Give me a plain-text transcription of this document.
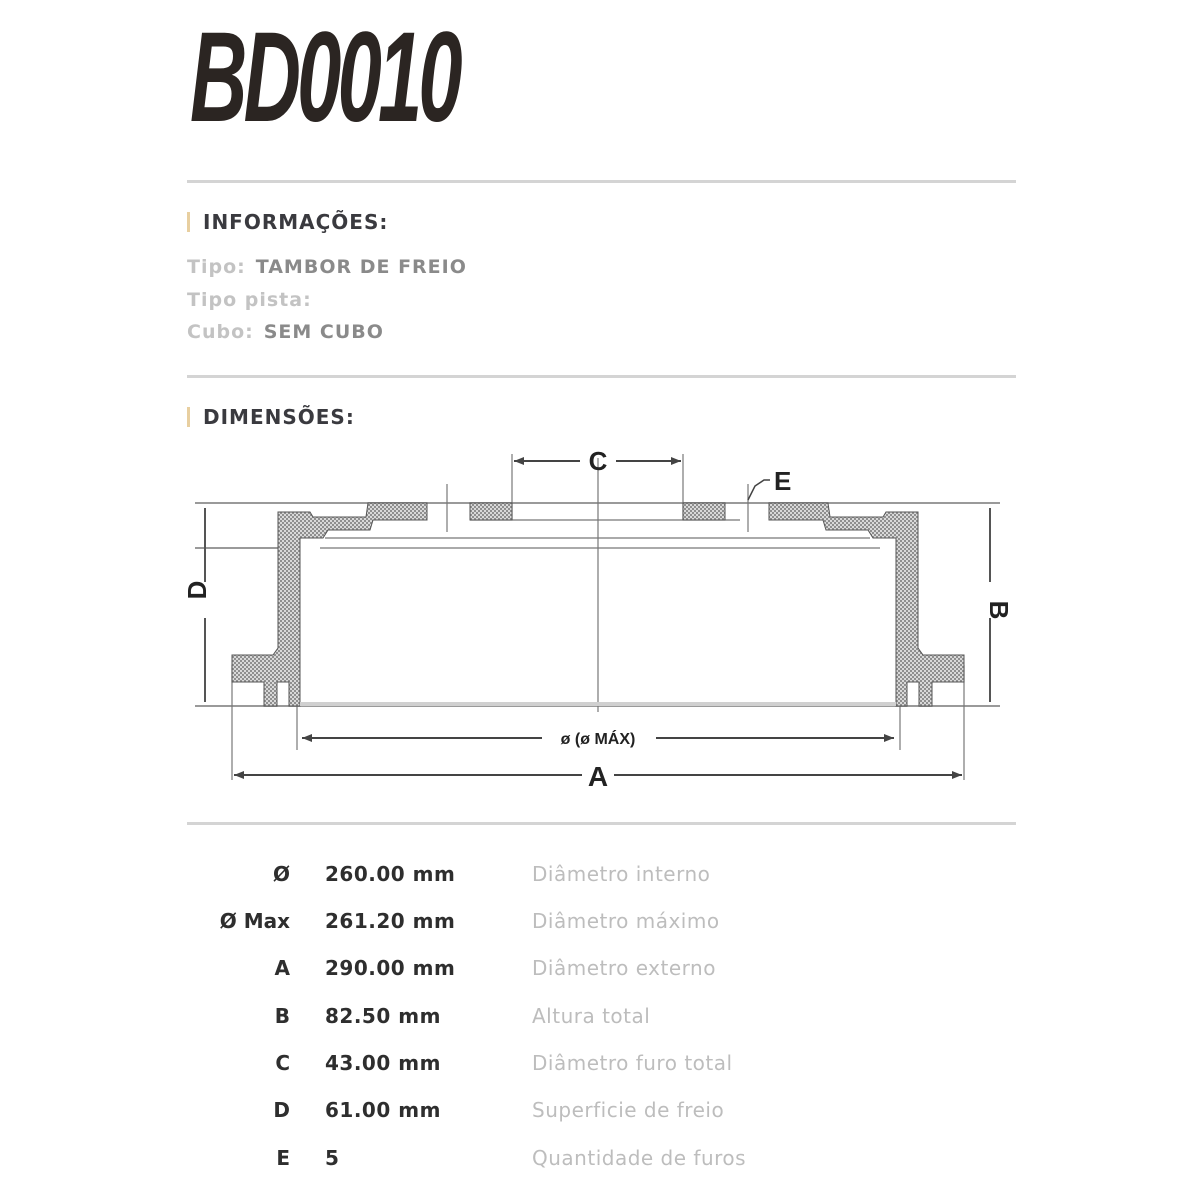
BD0010
INFORMAÇÕES:
Tipo: TAMBOR DE FREIO
Tipo pista:
Cubo: SEM CUBO
DIMENSÕES:
D
B
C
E
ø (ø MÁX)
A
Ø 260.00 mm	Diâmetro interno
Ø Max 261.20 mm	Diâmetro máximo
A 290.00 mm	Diâmetro externo
B 82.50 mm	Altura total
C 43.00 mm	Diâmetro furo total
D 61.00 mm	Superficie de freio
E 5	Quantidade de furos
